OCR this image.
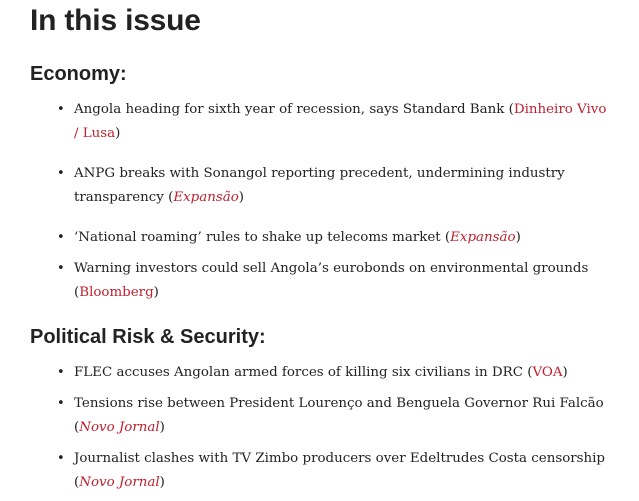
In this issue
Economy:
• Angola heading for sixth year of recession, says Standard Bank (Dinheiro Vivo / Lusa)
• ANPG breaks with Sonangol reporting precedent, undermining industry transparency (Expansão)
• ‘National roaming’ rules to shake up telecoms market (Expansão)
• Warning investors could sell Angola’s eurobonds on environmental grounds (Bloomberg)
Political Risk & Security:
• FLEC accuses Angolan armed forces of killing six civilians in DRC (VOA)
• Tensions rise between President Lourenço and Benguela Governor Rui Falcão (Novo Jornal)
• Journalist clashes with TV Zimbo producers over Edeltrudes Costa censorship (Novo Jornal)
